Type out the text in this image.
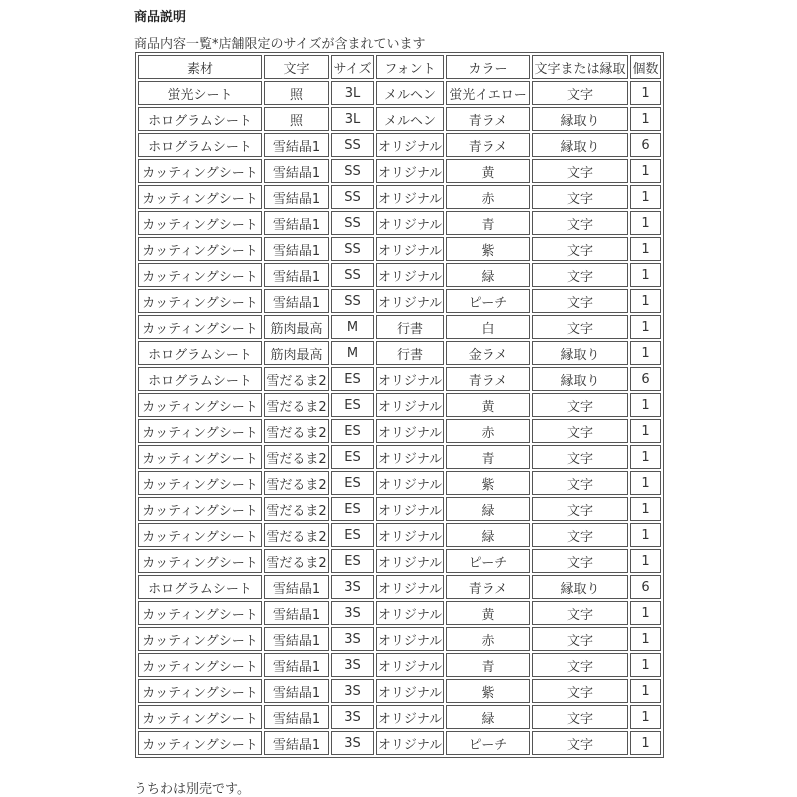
商品説明
商品内容一覧*店舗限定のサイズが含まれています
素材	文字	サイズ	フォント	カラー	文字または縁取	個数
蛍光シート	照	3L	メルヘン	蛍光イエロー	文字	1
ホログラムシート	照	3L	メルヘン	青ラメ	縁取り	1
ホログラムシート	雪結晶1	SS	オリジナル	青ラメ	縁取り	6
カッティングシート	雪結晶1	SS	オリジナル	黄	文字	1
カッティングシート	雪結晶1	SS	オリジナル	赤	文字	1
カッティングシート	雪結晶1	SS	オリジナル	青	文字	1
カッティングシート	雪結晶1	SS	オリジナル	紫	文字	1
カッティングシート	雪結晶1	SS	オリジナル	緑	文字	1
カッティングシート	雪結晶1	SS	オリジナル	ピーチ	文字	1
カッティングシート	筋肉最高	M	行書	白	文字	1
ホログラムシート	筋肉最高	M	行書	金ラメ	縁取り	1
ホログラムシート	雪だるま2	ES	オリジナル	青ラメ	縁取り	6
カッティングシート	雪だるま2	ES	オリジナル	黄	文字	1
カッティングシート	雪だるま2	ES	オリジナル	赤	文字	1
カッティングシート	雪だるま2	ES	オリジナル	青	文字	1
カッティングシート	雪だるま2	ES	オリジナル	紫	文字	1
カッティングシート	雪だるま2	ES	オリジナル	緑	文字	1
カッティングシート	雪だるま2	ES	オリジナル	緑	文字	1
カッティングシート	雪だるま2	ES	オリジナル	ピーチ	文字	1
ホログラムシート	雪結晶1	3S	オリジナル	青ラメ	縁取り	6
カッティングシート	雪結晶1	3S	オリジナル	黄	文字	1
カッティングシート	雪結晶1	3S	オリジナル	赤	文字	1
カッティングシート	雪結晶1	3S	オリジナル	青	文字	1
カッティングシート	雪結晶1	3S	オリジナル	紫	文字	1
カッティングシート	雪結晶1	3S	オリジナル	緑	文字	1
カッティングシート	雪結晶1	3S	オリジナル	ピーチ	文字	1
うちわは別売です。
